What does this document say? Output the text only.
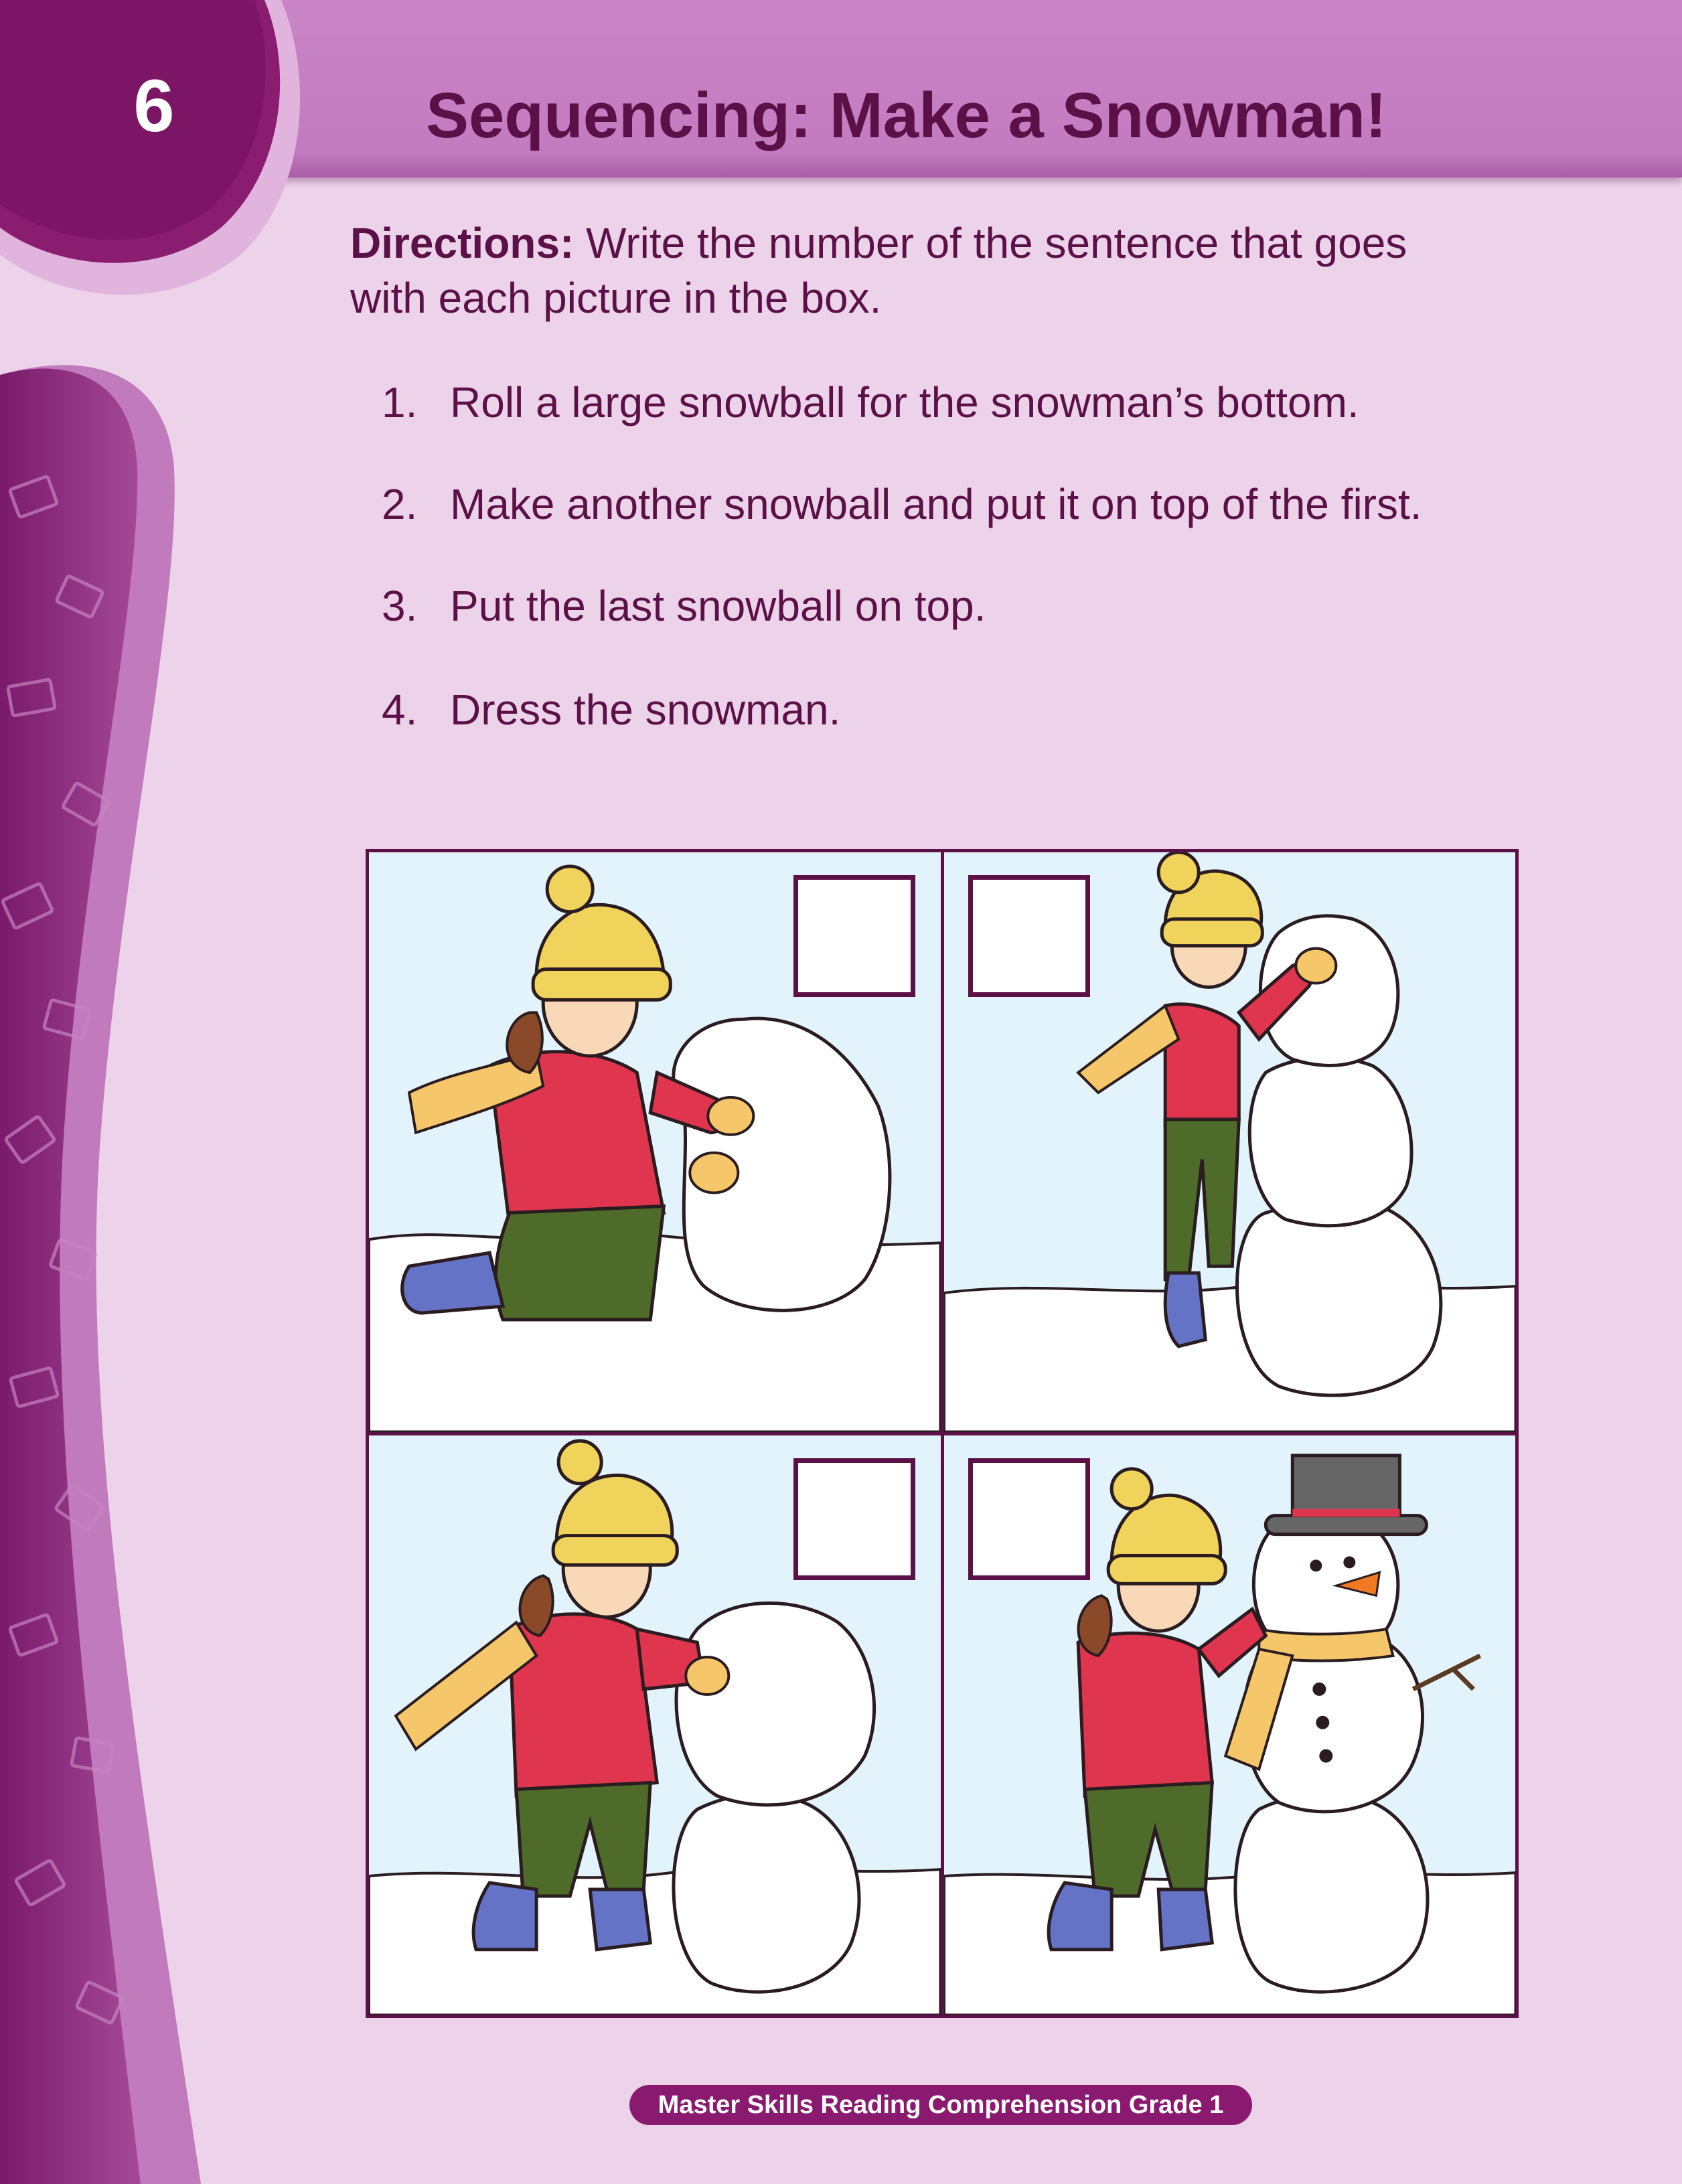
6	Sequencing: Make a Snowman!

Directions: Write the number of the sentence that goes with each picture in the box.

1. Roll a large snowball for the snowman’s bottom.
2. Make another snowball and put it on top of the first.
3. Put the last snowball on top.
4. Dress the snowman.
Master Skills Reading Comprehension Grade 1
